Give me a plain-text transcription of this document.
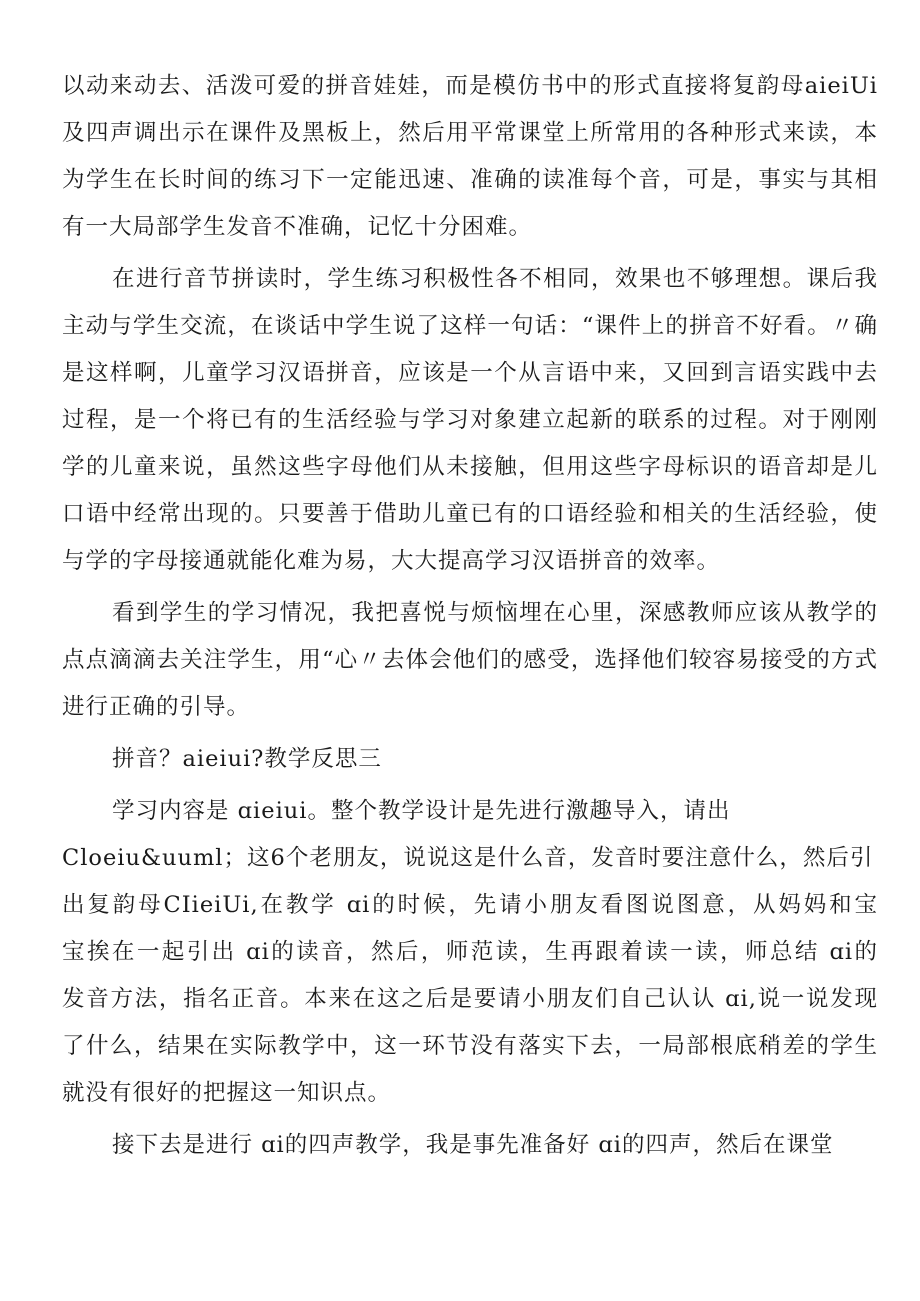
以动来动去、活泼可爱的拼音娃娃，而是模仿书中的形式直接将复韵母aieiUi
及四声调出示在课件及黑板上，然后用平常课堂上所常用的各种形式来读，本
为学生在长时间的练习下一定能迅速、准确的读准每个音，可是，事实与其相
有一大局部学生发音不准确，记忆十分困难。
在进行音节拼读时，学生练习积极性各不相同，效果也不够理想。课后我
主动与学生交流，在谈话中学生说了这样一句话：“课件上的拼音不好看。〃确
是这样啊，儿童学习汉语拼音，应该是一个从言语中来，又回到言语实践中去
过程，是一个将已有的生活经验与学习对象建立起新的联系的过程。对于刚刚
学的儿童来说，虽然这些字母他们从未接触，但用这些字母标识的语音却是儿
口语中经常出现的。只要善于借助儿童已有的口语经验和相关的生活经验，使
与学的字母接通就能化难为易，大大提高学习汉语拼音的效率。
看到学生的学习情况，我把喜悦与烦恼埋在心里，深感教师应该从教学的
点点滴滴去关注学生，用“心〃去体会他们的感受，选择他们较容易接受的方式
进行正确的引导。
拼音？aieiui?教学反思三
学习内容是 ɑieiui。整个教学设计是先进行激趣导入，请出
Cloeiu&uuml；这6个老朋友，说说这是什么音，发音时要注意什么，然后引
出复韵母CIieiUi,在教学 ɑi的时候，先请小朋友看图说图意，从妈妈和宝
宝挨在一起引出 ɑi的读音，然后，师范读，生再跟着读一读，师总结 ɑi的
发音方法，指名正音。本来在这之后是要请小朋友们自己认认 ɑi,说一说发现
了什么，结果在实际教学中，这一环节没有落实下去，一局部根底稍差的学生
就没有很好的把握这一知识点。
接下去是进行 ɑi的四声教学，我是事先准备好 ɑi的四声，然后在课堂
